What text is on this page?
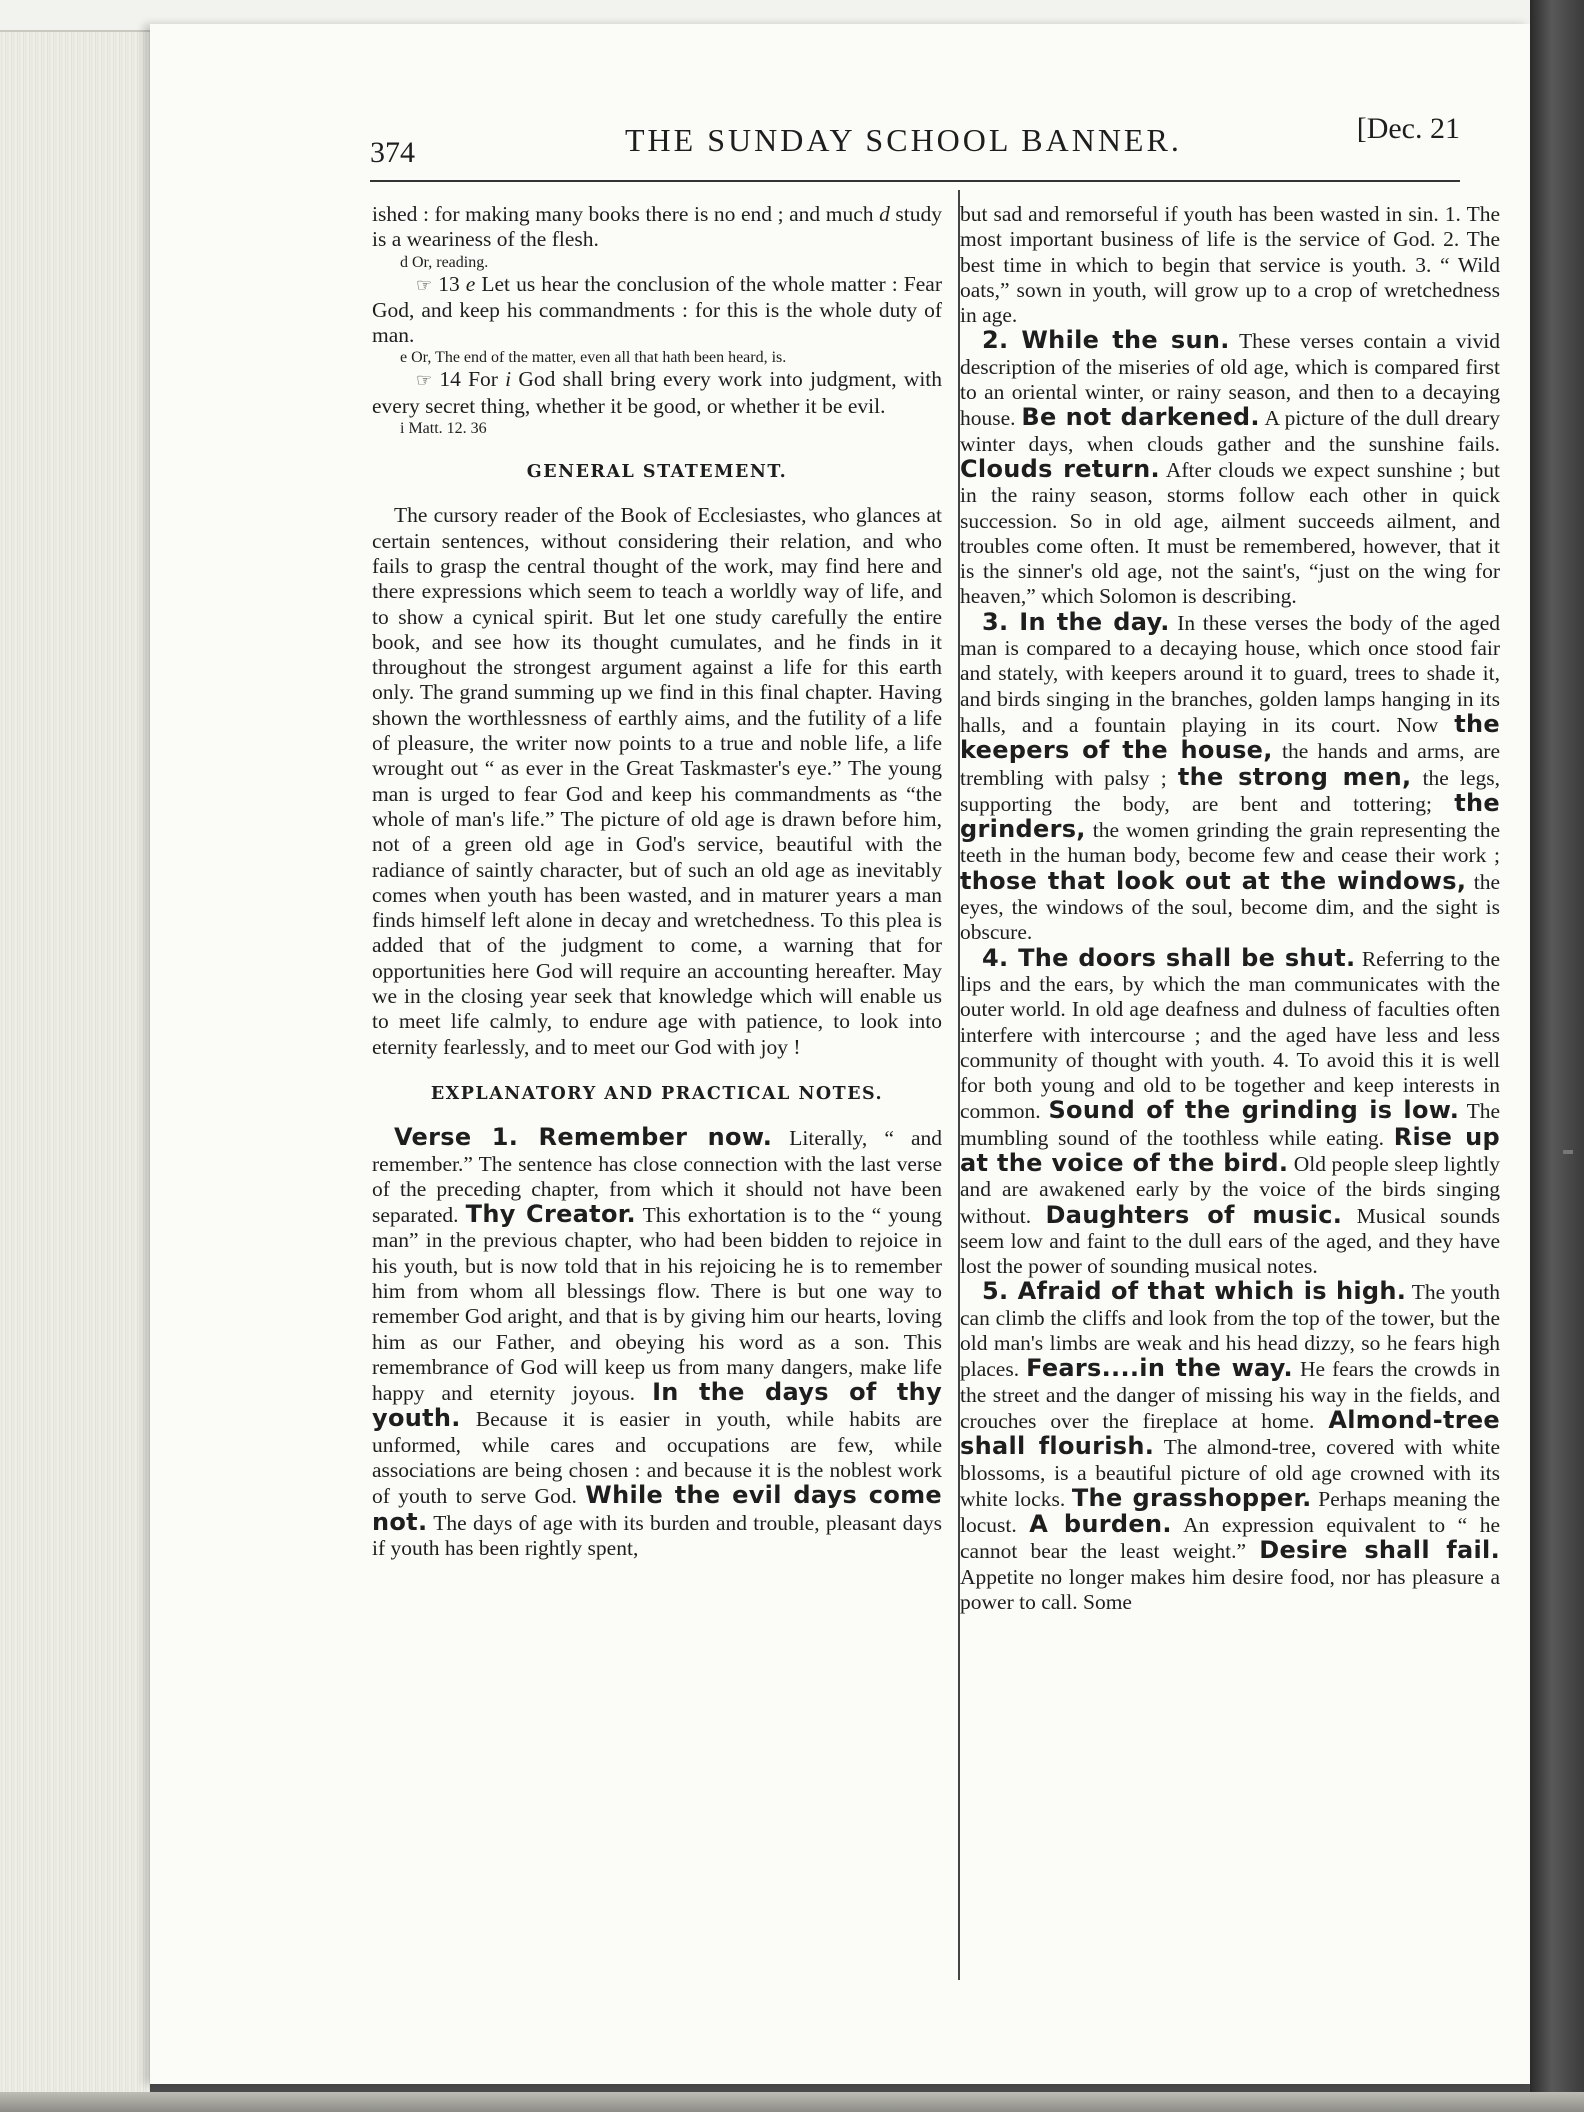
374	THE SUNDAY SCHOOL BANNER.	[Dec. 21

ished : for making many books there is no end ; and much d study is a weariness of the flesh.

d Or, reading.

☞ 13 e Let us hear the conclusion of the whole matter : Fear God, and keep his commandments : for this is the whole duty of man.

e Or, The end of the matter, even all that hath been heard, is.

☞ 14 For i God shall bring every work into judgment, with every secret thing, whether it be good, or whether it be evil.

i Matt. 12. 36

GENERAL STATEMENT.

The cursory reader of the Book of Ecclesiastes, who glances at certain sentences, without considering their relation, and who fails to grasp the central thought of the work, may find here and there expressions which seem to teach a worldly way of life, and to show a cynical spirit. But let one study carefully the entire book, and see how its thought cumulates, and he finds in it throughout the strongest argument against a life for this earth only. The grand summing up we find in this final chapter. Having shown the worthlessness of earthly aims, and the futility of a life of pleasure, the writer now points to a true and noble life, a life wrought out “ as ever in the Great Taskmaster's eye.” The young man is urged to fear God and keep his commandments as “the whole of man's life.” The picture of old age is drawn before him, not of a green old age in God's service, beautiful with the radiance of saintly character, but of such an old age as inevitably comes when youth has been wasted, and in maturer years a man finds himself left alone in decay and wretchedness. To this plea is added that of the judgment to come, a warning that for opportunities here God will require an accounting hereafter. May we in the closing year seek that knowledge which will enable us to meet life calmly, to endure age with patience, to look into eternity fearlessly, and to meet our God with joy !

EXPLANATORY AND PRACTICAL NOTES.

Verse 1. Remember now. Literally, “ and remember.” The sentence has close connection with the last verse of the preceding chapter, from which it should not have been separated. Thy Creator. This exhortation is to the “ young man” in the previous chapter, who had been bidden to rejoice in his youth, but is now told that in his rejoicing he is to remember him from whom all blessings flow. There is but one way to remember God aright, and that is by giving him our hearts, loving him as our Father, and obeying his word as a son. This remembrance of God will keep us from many dangers, make life happy and eternity joyous. In the days of thy youth. Because it is easier in youth, while habits are unformed, while cares and occupations are few, while associations are being chosen : and because it is the noblest work of youth to serve God. While the evil days come not. The days of age with its burden and trouble, pleasant days if youth has been rightly spent,

but sad and remorseful if youth has been wasted in sin. 1. The most important business of life is the service of God. 2. The best time in which to begin that service is youth. 3. “ Wild oats,” sown in youth, will grow up to a crop of wretchedness in age.

2. While the sun. These verses contain a vivid description of the miseries of old age, which is compared first to an oriental winter, or rainy season, and then to a decaying house. Be not darkened. A picture of the dull dreary winter days, when clouds gather and the sunshine fails. Clouds return. After clouds we expect sunshine ; but in the rainy season, storms follow each other in quick succession. So in old age, ailment succeeds ailment, and troubles come often. It must be remembered, however, that it is the sinner's old age, not the saint's, “just on the wing for heaven,” which Solomon is describing.

3. In the day. In these verses the body of the aged man is compared to a decaying house, which once stood fair and stately, with keepers around it to guard, trees to shade it, and birds singing in the branches, golden lamps hanging in its halls, and a fountain playing in its court. Now the keepers of the house, the hands and arms, are trembling with palsy ; the strong men, the legs, supporting the body, are bent and tottering; the grinders, the women grinding the grain representing the teeth in the human body, become few and cease their work ; those that look out at the windows, the eyes, the windows of the soul, become dim, and the sight is obscure.

4. The doors shall be shut. Referring to the lips and the ears, by which the man communicates with the outer world. In old age deafness and dulness of faculties often interfere with intercourse ; and the aged have less and less community of thought with youth. 4. To avoid this it is well for both young and old to be together and keep interests in common. Sound of the grinding is low. The mumbling sound of the toothless while eating. Rise up at the voice of the bird. Old people sleep lightly and are awakened early by the voice of the birds singing without. Daughters of music. Musical sounds seem low and faint to the dull ears of the aged, and they have lost the power of sounding musical notes.

5. Afraid of that which is high. The youth can climb the cliffs and look from the top of the tower, but the old man's limbs are weak and his head dizzy, so he fears high places. Fears....in the way. He fears the crowds in the street and the danger of missing his way in the fields, and crouches over the fireplace at home. Almond-tree shall flourish. The almond-tree, covered with white blossoms, is a beautiful picture of old age crowned with its white locks. The grasshopper. Perhaps meaning the locust. A burden. An expression equivalent to “ he cannot bear the least weight.” Desire shall fail. Appetite no longer makes him desire food, nor has pleasure a power to call. Some
